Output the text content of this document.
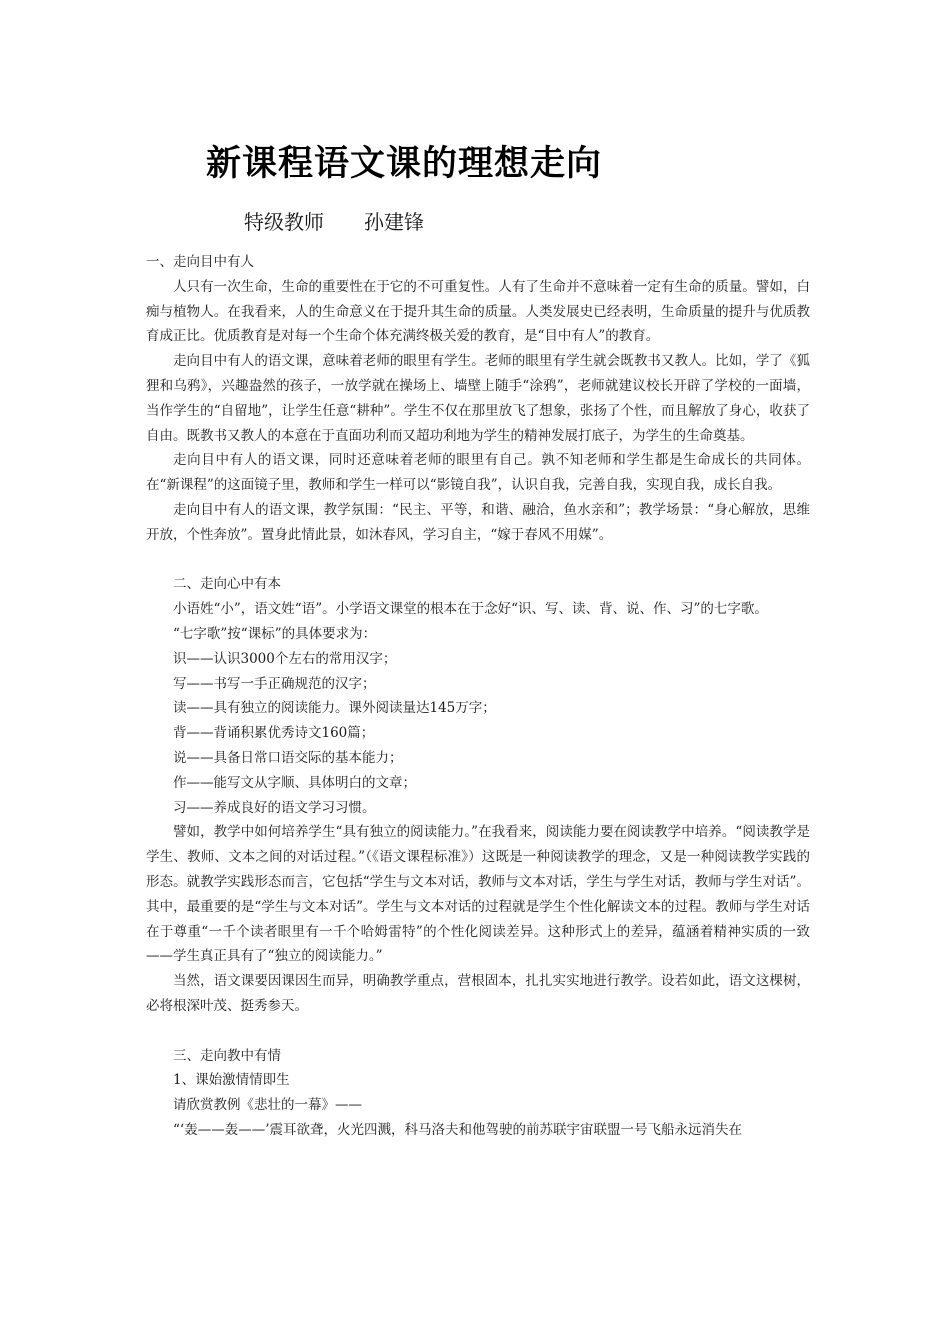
新课程语文课的理想走向
特级教师 孙建锋

一、走向目中有人

人只有一次生命，生命的重要性在于它的不可重复性。人有了生命并不意味着一定有生命的质量。譬如，白痴与植物人。在我看来，人的生命意义在于提升其生命的质量。人类发展史已经表明，生命质量的提升与优质教育成正比。优质教育是对每一个生命个体充满终极关爱的教育，是“目中有人”的教育。

走向目中有人的语文课，意味着老师的眼里有学生。老师的眼里有学生就会既教书又教人。比如，学了《狐狸和乌鸦》，兴趣盎然的孩子，一放学就在操场上、墙壁上随手“涂鸦”，老师就建议校长开辟了学校的一面墙，当作学生的“自留地”，让学生任意“耕种”。学生不仅在那里放飞了想象，张扬了个性，而且解放了身心，收获了自由。既教书又教人的本意在于直面功利而又超功利地为学生的精神发展打底子，为学生的生命奠基。

走向目中有人的语文课，同时还意味着老师的眼里有自己。孰不知老师和学生都是生命成长的共同体。在“新课程”的这面镜子里，教师和学生一样可以“影镜自我”，认识自我，完善自我，实现自我，成长自我。

走向目中有人的语文课，教学氛围：“民主、平等，和谐、融洽，鱼水亲和”；教学场景：“身心解放，思维开放，个性奔放”。置身此情此景，如沐春风，学习自主，“嫁于春风不用媒”。

二、走向心中有本

小语姓“小”，语文姓“语”。小学语文课堂的根本在于念好“识、写、读、背、说、作、习”的七字歌。

“七字歌”按“课标”的具体要求为：

识——认识3000个左右的常用汉字；

写——书写一手正确规范的汉字；

读——具有独立的阅读能力。课外阅读量达145万字；

背——背诵积累优秀诗文160篇；

说——具备日常口语交际的基本能力；

作——能写文从字顺、具体明白的文章；

习——养成良好的语文学习习惯。

譬如，教学中如何培养学生“具有独立的阅读能力。”在我看来，阅读能力要在阅读教学中培养。“阅读教学是学生、教师、文本之间的对话过程。”（《语文课程标准》）这既是一种阅读教学的理念，又是一种阅读教学实践的形态。就教学实践形态而言，它包括“学生与文本对话，教师与文本对话，学生与学生对话，教师与学生对话”。其中，最重要的是“学生与文本对话”。学生与文本对话的过程就是学生个性化解读文本的过程。教师与学生对话在于尊重“一千个读者眼里有一千个哈姆雷特”的个性化阅读差异。这种形式上的差异，蕴涵着精神实质的一致——学生真正具有了“独立的阅读能力。”

当然，语文课要因课因生而异，明确教学重点，营根固本，扎扎实实地进行教学。设若如此，语文这棵树，必将根深叶茂、挺秀参天。

三、走向教中有情

1、课始激情情即生

请欣赏教例《悲壮的一幕》——

“‘轰——轰——’震耳欲聋，火光四溅，科马洛夫和他驾驶的前苏联宇宙联盟一号飞船永远消失在
